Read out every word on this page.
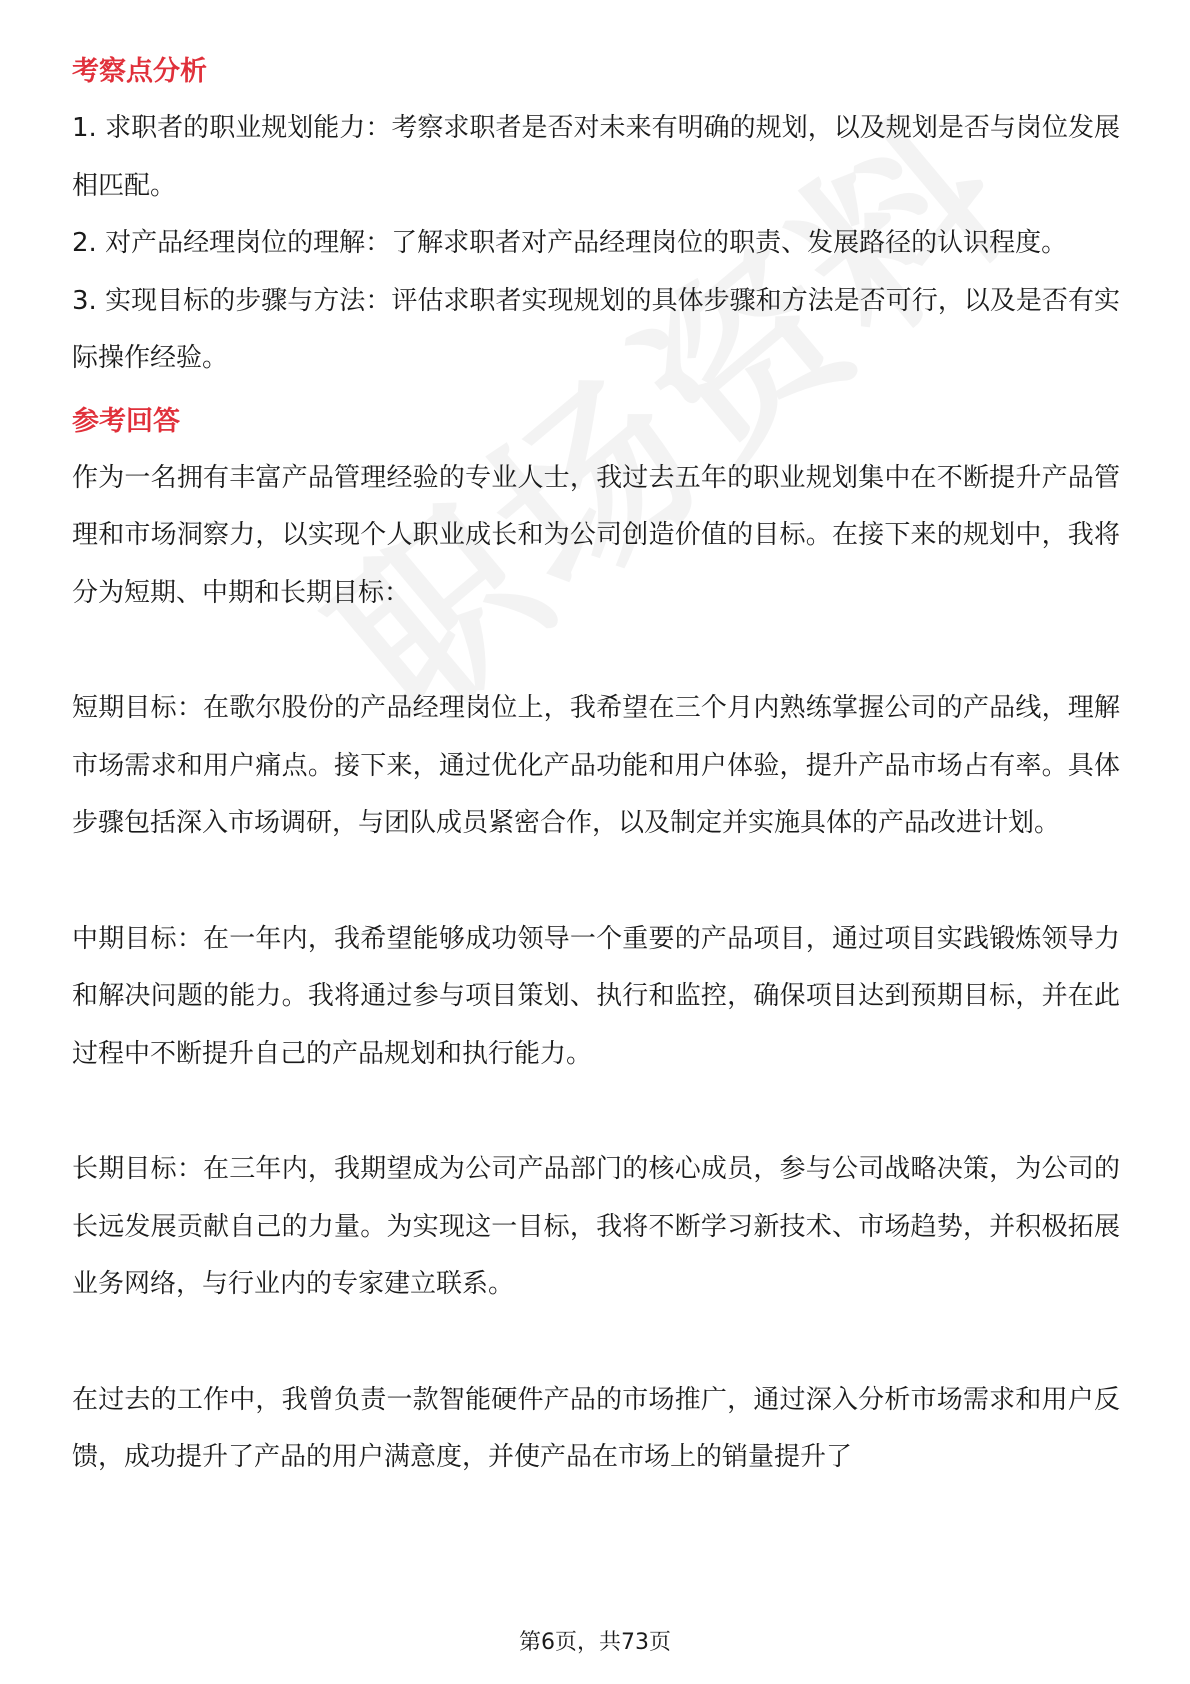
考察点分析

1. 求职者的职业规划能力：考察求职者是否对未来有明确的规划，以及规划是否与岗位发展相匹配。

2. 对产品经理岗位的理解：了解求职者对产品经理岗位的职责、发展路径的认识程度。

3. 实现目标的步骤与方法：评估求职者实现规划的具体步骤和方法是否可行，以及是否有实际操作经验。

参考回答

作为一名拥有丰富产品管理经验的专业人士，我过去五年的职业规划集中在不断提升产品管理和市场洞察力，以实现个人职业成长和为公司创造价值的目标。在接下来的规划中，我将分为短期、中期和长期目标：

短期目标：在歌尔股份的产品经理岗位上，我希望在三个月内熟练掌握公司的产品线，理解市场需求和用户痛点。接下来，通过优化产品功能和用户体验，提升产品市场占有率。具体步骤包括深入市场调研，与团队成员紧密合作，以及制定并实施具体的产品改进计划。

中期目标：在一年内，我希望能够成功领导一个重要的产品项目，通过项目实践锻炼领导力和解决问题的能力。我将通过参与项目策划、执行和监控，确保项目达到预期目标，并在此过程中不断提升自己的产品规划和执行能力。

长期目标：在三年内，我期望成为公司产品部门的核心成员，参与公司战略决策，为公司的长远发展贡献自己的力量。为实现这一目标，我将不断学习新技术、市场趋势，并积极拓展业务网络，与行业内的专家建立联系。

在过去的工作中，我曾负责一款智能硬件产品的市场推广，通过深入分析市场需求和用户反馈，成功提升了产品的用户满意度，并使产品在市场上的销量提升了

第6页，共73页
